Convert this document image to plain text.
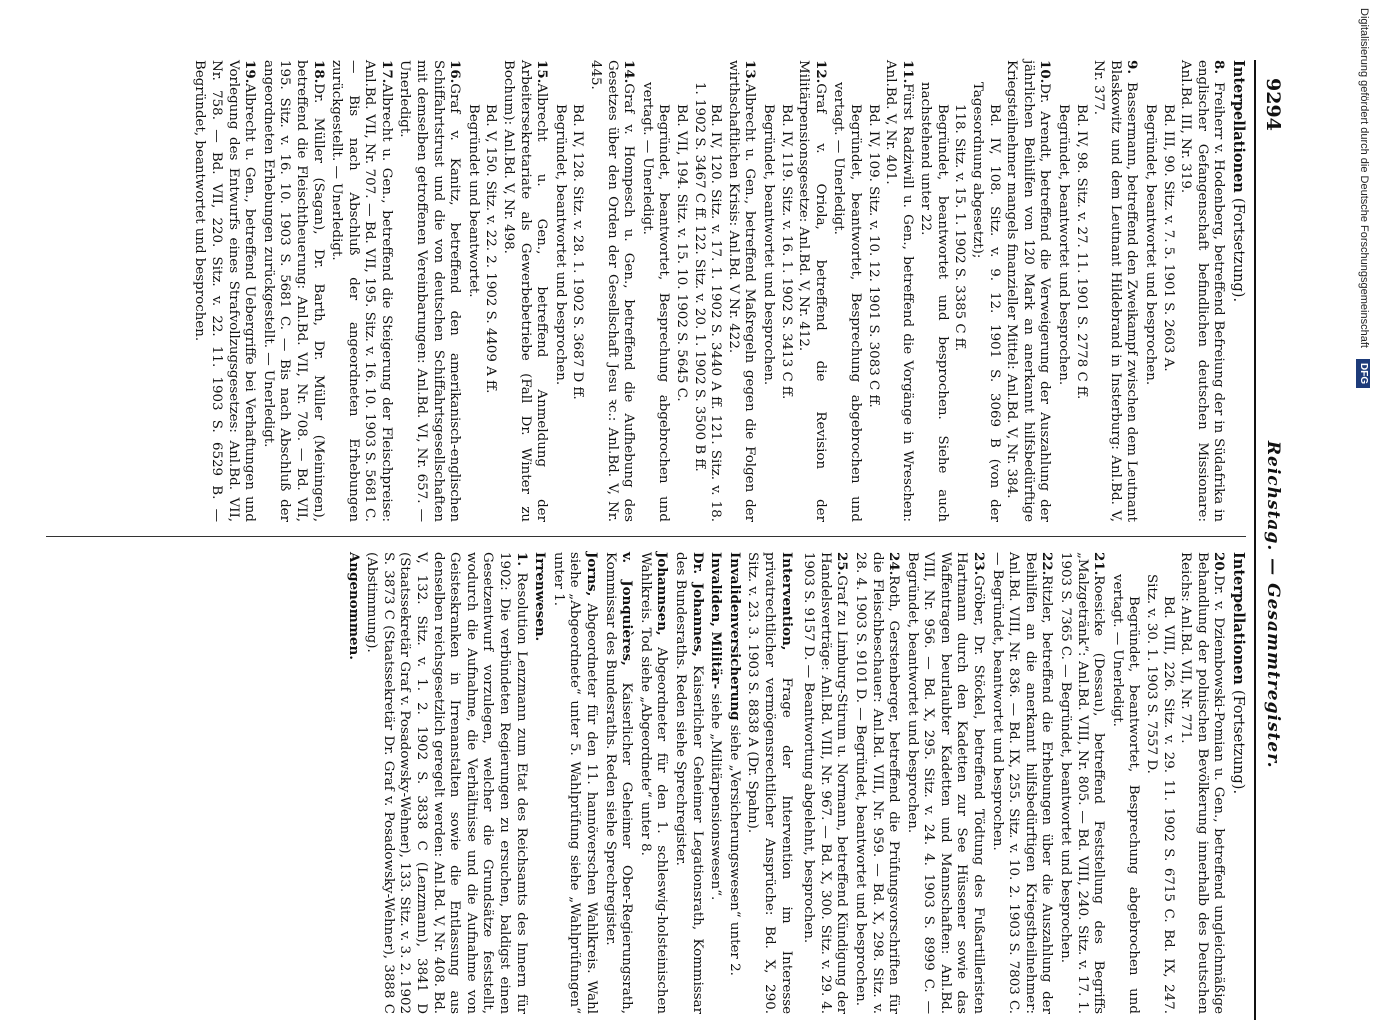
9294
Reichstag. — Gesammtregister.
Interpellationen (Fortsetzung).
8.Freiherr v. Hodenberg, betreffend Befreiung der in Südafrika in englischer Gefangenschaft befindlichen deutschen Missionare: Anl.Bd. III, Nr. 319.
Bd. III, 90. Sitz. v. 7. 5. 1901 S. 2603 A.
Begründet, beantwortet und besprochen.
9.Bassermann, betreffend den Zweikampf zwischen dem Leutnant Blaskowitz und dem Leutnant Hildebrand in Insterburg: Anl.Bd. V, Nr. 377.
Bd. IV, 98. Sitz. v. 27. 11. 1901 S. 2778 C ff.
Begründet, beantwortet und besprochen.
10.Dr. Arendt, betreffend die Verweigerung der Auszahlung der jährlichen Beihilfen von 120 Mark an anerkannt hilfsbedürftige Kriegsteilnehmer mangels finanzieller Mittel: Anl.Bd. V, Nr. 384.
Bd. IV, 108. Sitz. v. 9. 12. 1901 S. 3069 B (von der Tagesordnung abgesetzt);
118. Sitz. v. 15. 1. 1902 S. 3385 C ff.
Begründet, beantwortet und besprochen. Siehe auch nachstehend unter 22.
11.Fürst Radziwill u. Gen., betreffend die Vorgänge in Wreschen: Anl.Bd. V, Nr. 401.
Bd. IV, 109. Sitz. v. 10. 12. 1901 S. 3083 C ff.
Begründet, beantwortet, Besprechung abgebrochen und vertagt. — Unerledigt.
12.Graf v. Oriola, betreffend die Revision der Militärpensionsgesetze: Anl.Bd. V, Nr. 412.
Bd. IV, 119. Sitz. v. 16. 1. 1902 S. 3413 C ff.
Begründet, beantwortet und besprochen.
13.Albrecht u. Gen., betreffend Maßregeln gegen die Folgen der wirthschaftlichen Krisis: Anl.Bd. V Nr. 422.
Bd. IV, 120. Sitz. v. 17. 1. 1902 S. 3440 A ff. 121. Sitz. v. 18. 1. 1902 S. 3467 C ff. 122. Sitz. v. 20. 1. 1902 S. 3500 B ff.
Bd. VII, 194. Sitz. v. 15. 10. 1902 S. 5645 C.
Begründet, beantwortet, Besprechung abgebrochen und vertagt. — Unerledigt.
14.Graf v. Hompesch u. Gen., betreffend die Aufhebung des Gesetzes über den Orden der Gesellschaft Jesu ꝛc.: Anl.Bd. V, Nr. 445.
Bd. IV, 128. Sitz. v. 28. 1. 1902 S. 3687 D ff.
Begründet, beantwortet und besprochen.
15.Albrecht u. Gen., betreffend Anmeldung der Arbeitersekretariate als Gewerbebetriebe (Fall Dr. Winter zu Bochum): Anl.Bd. V, Nr. 498.
Bd. V, 150. Sitz. v. 22. 2. 1902 S. 4409 A ff.
Begründet und beantwortet.
16.Graf v. Kanitz, betreffend den amerikanisch-englischen Schiffahrtstrust und die von deutschen Schiffahrtsgesellschaften mit demselben getroffenen Vereinbarungen: Anl.Bd. VI, Nr. 657. — Unerledigt.
17.Albrecht u. Gen., betreffend die Steigerung der Fleischpreise: Anl.Bd. VII, Nr. 707. — Bd. VII, 195. Sitz. v. 16. 10. 1903 S. 5681 C. — Bis nach Abschluß der angeordneten Erhebungen zurückgestellt. — Unerledigt.
18.Dr. Müller (Sagan), Dr. Barth, Dr. Müller (Meiningen), betreffend die Fleischtheuerung: Anl.Bd. VII, Nr. 708. — Bd. VII, 195. Sitz. v. 16. 10. 1903 S. 5681 C. — Bis nach Abschluß der angeordneten Erhebungen zurückgestellt. — Unerledigt.
19.Albrecht u. Gen., betreffend Uebergriffe bei Verhaftungen und Vorlegung des Entwurfs eines Strafvollzugsgesetzes: Anl.Bd. VII, Nr. 758. — Bd. VII, 220. Sitz. v. 22. 11. 1903 S. 6529 B. — Begründet, beantwortet und besprochen.
Interpellationen (Fortsetzung).
20.Dr. v. Dziembowski-Pomian u. Gen., betreffend ungleichmäßige Behandlung der polnischen Bevölkerung innerhalb des Deutschen Reichs: Anl.Bd. VII, Nr. 771.
Bd. VIII, 226. Sitz. v. 29. 11. 1902 S. 6715 C. Bd. IX, 247. Sitz. v. 30. 1. 1903 S. 7557 D.
Begründet, beantwortet, Besprechung abgebrochen und vertagt. — Unerledigt.
21.Roesicke (Dessau), betreffend Feststellung des Begriffs „Malzgetränk“: Anl.Bd. VIII, Nr. 805. — Bd. VIII, 240. Sitz. v. 17. 1. 1903 S. 7365 C. — Begründet, beantwortet und besprochen.
22.Ritzler, betreffend die Erhebungen über die Auszahlung der Beihilfen an die anerkannt hilfsbedürftigen Kriegstheilnehmer: Anl.Bd. VIII, Nr. 836. — Bd. IX, 255. Sitz. v. 10. 2. 1903 S. 7803 C. — Begründet, beantwortet und besprochen.
23.Gröber, Dr. Stöckel, betreffend Tödtung des Fußartilleristen Hartmann durch den Kadetten zur See Hüssener sowie das Waffentragen beurlaubter Kadetten und Mannschaften: Anl.Bd. VIII, Nr. 956. — Bd. X, 295. Sitz. v. 24. 4. 1903 S. 8999 C. — Begründet, beantwortet und besprochen.
24.Roth, Gerstenberger, betreffend die Prüfungsvorschriften für die Fleischbeschauer: Anl.Bd. VIII, Nr. 959. — Bd. X, 298. Sitz. v. 28. 4. 1903 S. 9101 D. — Begründet, beantwortet und besprochen.
25.Graf zu Limburg-Stirum u. Normann, betreffend Kündigung der Handelsverträge: Anl.Bd. VIII, Nr. 967. — Bd. X, 300. Sitz. v. 29. 4. 1903 S. 9157 D. — Beantwortung abgelehnt, besprochen.
Intervention, Frage der Intervention im Interesse privatrechtlicher vermögensrechtlicher Ansprüche: Bd. X, 290. Sitz. v. 23. 3. 1903 S. 8838 A (Dr. Spahn).
Invalidenversicherung siehe „Versicherungswesen“ unter 2.
Invaliden, Militär- siehe „Militärpensionswesen“.
Dr. Johannes, Kaiserlicher Geheimer Legationsrath, Kommissar des Bundesraths. Reden siehe Sprechregister.
Johannsen, Abgeordneter für den 1. schleswig-holsteinischen Wahlkreis. Tod siehe „Abgeordnete“ unter 8.
v. Jonquières, Kaiserlicher Geheimer Ober-Regierungsrath, Kommissar des Bundesraths. Reden siehe Sprechregister.
Jorns, Abgeordneter für den 11. hannöverschen Wahlkreis. Wahl siehe „Abgeordnete“ unter 5. Wahlprüfung siehe „Wahlprüfungen“ unter 1.
Irrenwesen.
1. Resolution Lenzmann zum Etat des Reichsamts des Innern für 1902: Die verbündeten Regierungen zu ersuchen, baldigst einen Gesetzentwurf vorzulegen, welcher die Grundsätze feststellt, wodurch die Aufnahme, die Verhältnisse und die Aufnahme von Geisteskranken in Irrenanstalten sowie die Entlassung aus denselben reichsgesetzlich geregelt werden: Anl.Bd. V, Nr. 408. Bd. V, 132. Sitz. v. 1. 2. 1902 S. 3838 C (Lenzmann), 3841 D (Staatssekretär Graf v. Posadowsky-Wehner), 133. Sitz. v. 3. 2. 1902 S. 3873 C (Staatssekretär Dr. Graf v. Posadowsky-Wehner), 3888 C (Abstimmung).
Angenommen.
Digitalisierung gefördert durch die Deutsche Forschungsgemeinschaft DFG
